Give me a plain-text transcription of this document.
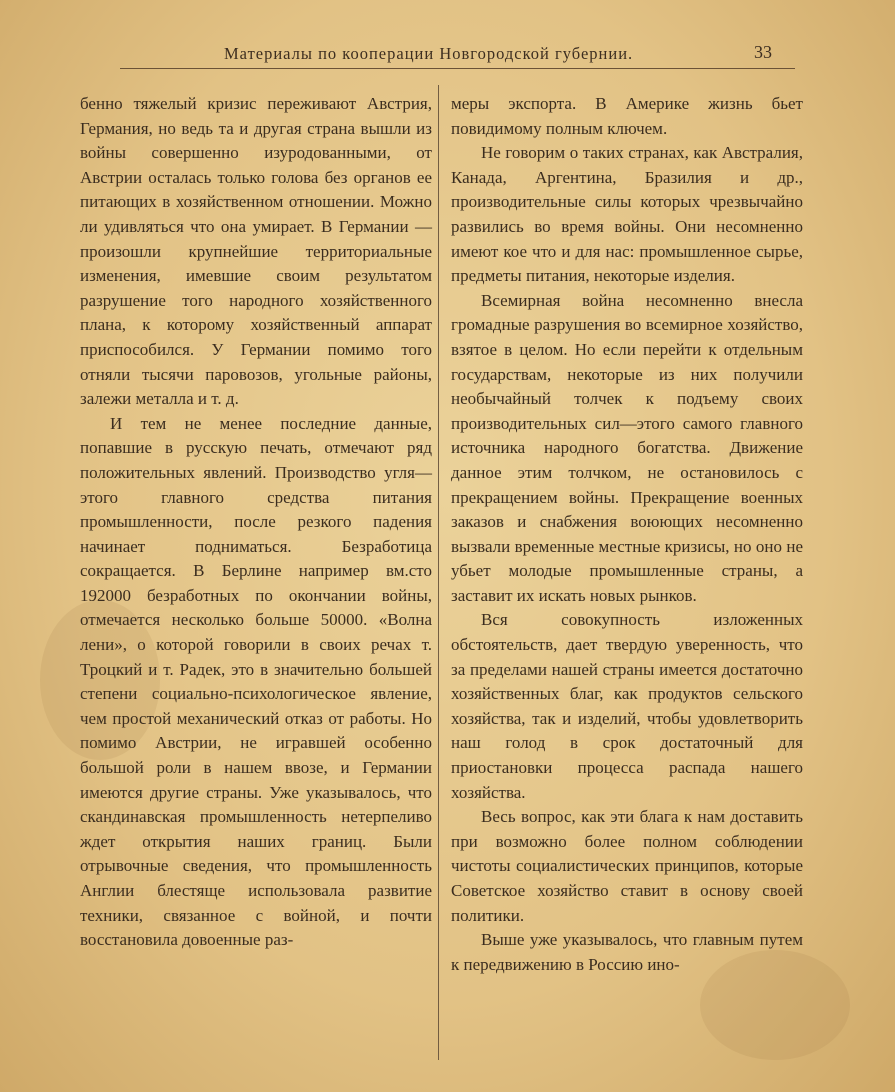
Материалы по кооперации Новгородской губернии.	33

бенно тяжелый кризис переживают Австрия, Германия, но ведь та и другая страна вышли из войны совершенно изуродованными, от Австрии осталась только голова без органов ее питающих в хозяйственном отношении. Можно ли удивляться что она умирает. В Германии — произошли крупнейшие территориальные изменения, имевшие своим результатом разрушение того народного хозяйственного плана, к которому хозяйственный аппарат приспособился. У Германии помимо того отняли тысячи паровозов, угольные районы, залежи металла и т. д.

И тем не менее последние данные, попавшие в русскую печать, отмечают ряд положительных явлений. Производство угля—этого главного средства питания промышленности, после резкого падения начинает подниматься. Безработица сокращается. В Берлине например вм.сто 192000 безработных по окончании войны, отмечается несколько больше 50000. «Волна лени», о которой говорили в своих речах т. Троцкий и т. Радек, это в значительно большей степени социально-психологическое явление, чем простой механический отказ от работы. Но помимо Австрии, не игравшей особенно большой роли в нашем ввозе, и Германии имеются другие страны. Уже указывалось, что скандинавская промышленность нетерпеливо ждет открытия наших границ. Были отрывочные сведения, что промышленность Англии блестяще использовала развитие техники, связанное с войной, и почти восстановила довоенные раз-

меры экспорта. В Америке жизнь бьет повидимому полным ключем.

Не говорим о таких странах, как Австралия, Канада, Аргентина, Бразилия и др., производительные силы которых чрезвычайно развились во время войны. Они несомненно имеют кое что и для нас: промышленное сырье, предметы питания, некоторые изделия.

Всемирная война несомненно внесла громадные разрушения во всемирное хозяйство, взятое в целом. Но если перейти к отдельным государствам, некоторые из них получили необычайный толчек к подъему своих производительных сил—этого самого главного источника народного богатства. Движение данное этим толчком, не остановилось с прекращением войны. Прекращение военных заказов и снабжения воюющих несомненно вызвали временные местные кризисы, но оно не убьет молодые промышленные страны, а заставит их искать новых рынков.

Вся совокупность изложенных обстоятельств, дает твердую уверенность, что за пределами нашей страны имеется достаточно хозяйственных благ, как продуктов сельского хозяйства, так и изделий, чтобы удовлетворить наш голод в срок достаточный для приостановки процесса распада нашего хозяйства.

Весь вопрос, как эти блага к нам доставить при возможно более полном соблюдении чистоты социалистических принципов, которые Советское хозяйство ставит в основу своей политики.

Выше уже указывалось, что главным путем к передвижению в Россию ино-
